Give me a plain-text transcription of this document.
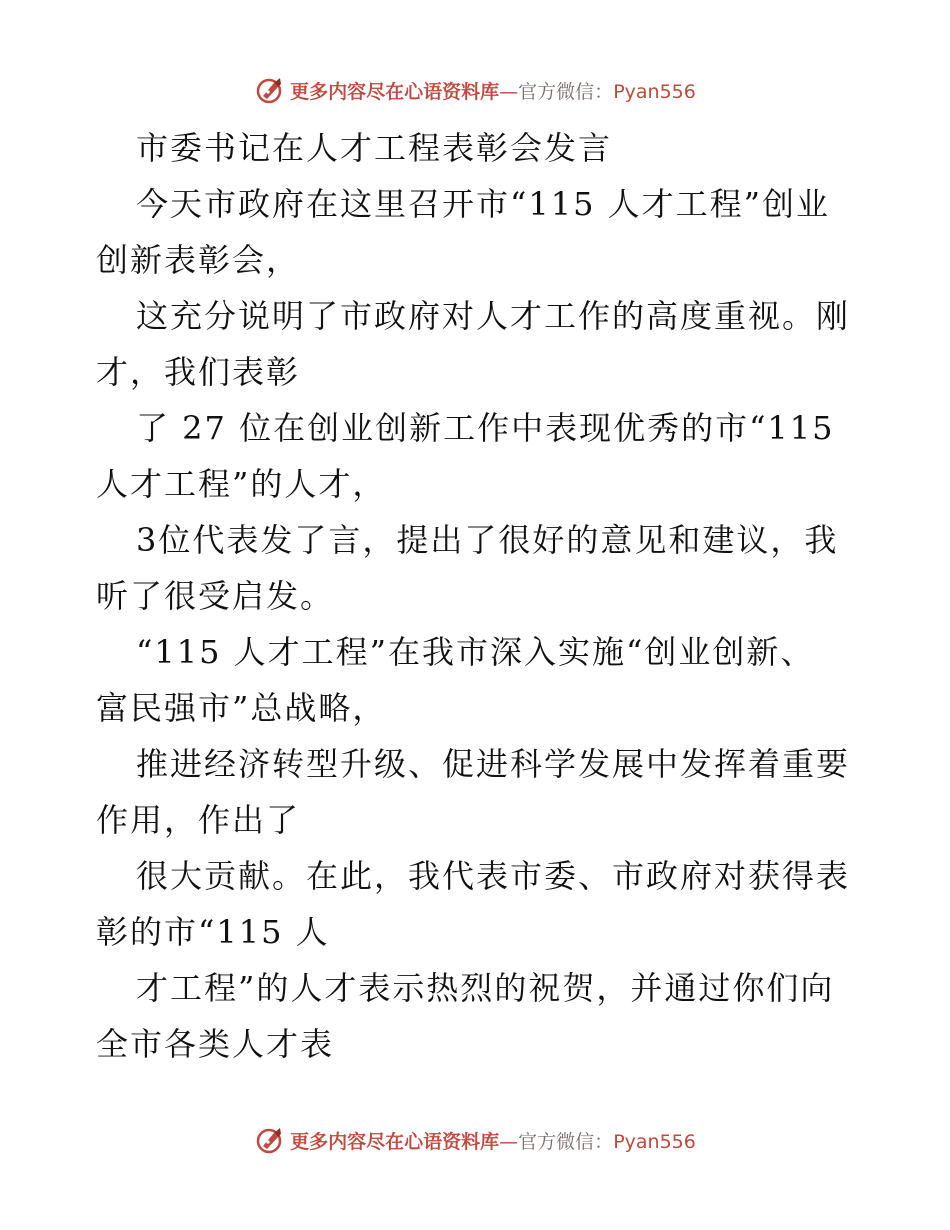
更多内容尽在心语资料库—官方微信：Pyan556

市委书记在人才工程表彰会发言

今天市政府在这里召开市“115 人才工程”创业

创新表彰会，

这充分说明了市政府对人才工作的高度重视。刚

才，我们表彰

了 27 位在创业创新工作中表现优秀的市“115

人才工程”的人才，

3位代表发了言，提出了很好的意见和建议，我

听了很受启发。

“115 人才工程”在我市深入实施“创业创新、

富民强市”总战略，

推进经济转型升级、促进科学发展中发挥着重要

作用，作出了

很大贡献。在此，我代表市委、市政府对获得表

彰的市“115 人

才工程”的人才表示热烈的祝贺，并通过你们向

全市各类人才表

更多内容尽在心语资料库—官方微信：Pyan556
